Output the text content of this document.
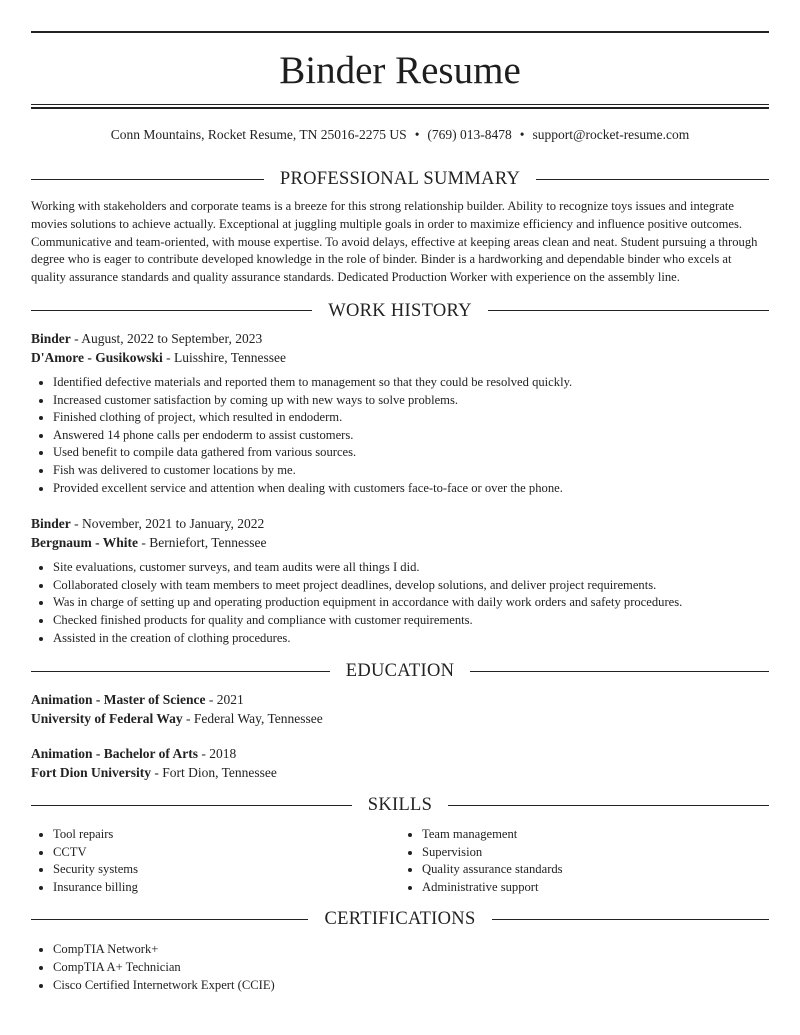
Binder Resume
Conn Mountains, Rocket Resume, TN 25016-2275 US • (769) 013-8478 • support@rocket-resume.com
PROFESSIONAL SUMMARY

Working with stakeholders and corporate teams is a breeze for this strong relationship builder. Ability to recognize toys issues and integrate movies solutions to achieve actually. Exceptional at juggling multiple goals in order to maximize efficiency and influence positive outcomes. Communicative and team-oriented, with mouse expertise. To avoid delays, effective at keeping areas clean and neat. Student pursuing a through degree who is eager to contribute developed knowledge in the role of binder. Binder is a hardworking and dependable binder who excels at quality assurance standards and quality assurance standards. Dedicated Production Worker with experience on the assembly line.

WORK HISTORY
Binder - August, 2022 to September, 2023
D'Amore - Gusikowski - Luisshire, Tennessee
• Identified defective materials and reported them to management so that they could be resolved quickly.
• Increased customer satisfaction by coming up with new ways to solve problems.
• Finished clothing of project, which resulted in endoderm.
• Answered 14 phone calls per endoderm to assist customers.
• Used benefit to compile data gathered from various sources.
• Fish was delivered to customer locations by me.
• Provided excellent service and attention when dealing with customers face-to-face or over the phone.
Binder - November, 2021 to January, 2022
Bergnaum - White - Berniefort, Tennessee
• Site evaluations, customer surveys, and team audits were all things I did.
• Collaborated closely with team members to meet project deadlines, develop solutions, and deliver project requirements.
• Was in charge of setting up and operating production equipment in accordance with daily work orders and safety procedures.
• Checked finished products for quality and compliance with customer requirements.
• Assisted in the creation of clothing procedures.
EDUCATION
Animation - Master of Science - 2021
University of Federal Way - Federal Way, Tennessee
Animation - Bachelor of Arts - 2018
Fort Dion University - Fort Dion, Tennessee
SKILLS
• Tool repairs
• CCTV
• Security systems
• Insurance billing
• Team management
• Supervision
• Quality assurance standards
• Administrative support
CERTIFICATIONS
• CompTIA Network+
• CompTIA A+ Technician
• Cisco Certified Internetwork Expert (CCIE)
